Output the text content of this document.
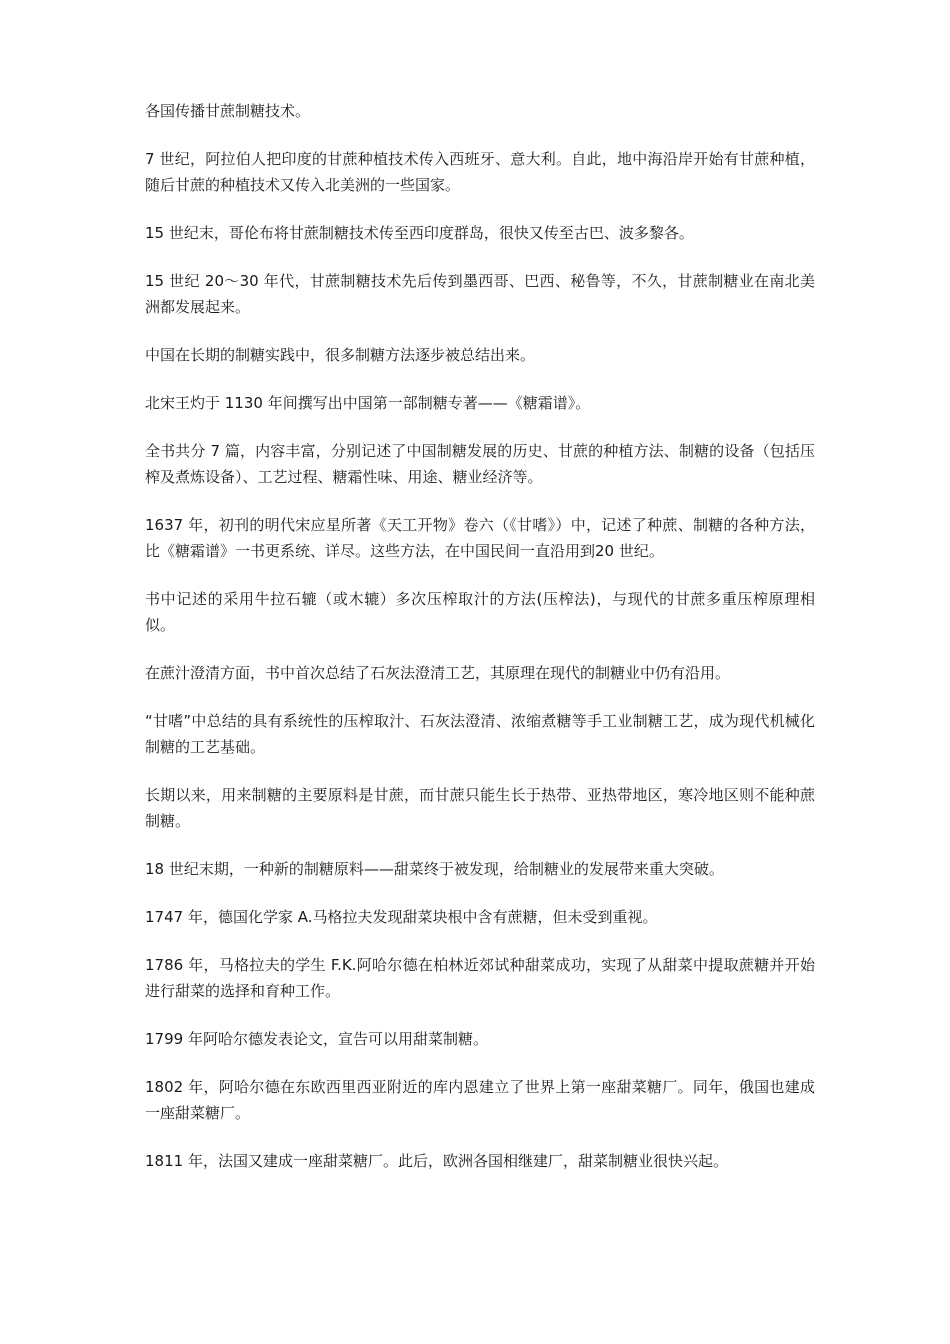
各国传播甘蔗制糖技术。

7 世纪，阿拉伯人把印度的甘蔗种植技术传入西班牙、意大利。自此，地中海沿岸开始有甘蔗种植，随后甘蔗的种植技术又传入北美洲的一些国家。

15 世纪末，哥伦布将甘蔗制糖技术传至西印度群岛，很快又传至古巴、波多黎各。

15 世纪 20～30 年代，甘蔗制糖技术先后传到墨西哥、巴西、秘鲁等，不久，甘蔗制糖业在南北美洲都发展起来。

中国在长期的制糖实践中，很多制糖方法逐步被总结出来。

北宋王灼于 1130 年间撰写出中国第一部制糖专著——《糖霜谱》。

全书共分 7 篇，内容丰富，分别记述了中国制糖发展的历史、甘蔗的种植方法、制糖的设备（包括压榨及煮炼设备）、工艺过程、糖霜性味、用途、糖业经济等。

1637 年，初刊的明代宋应星所著《天工开物》卷六（《甘嗜》）中，记述了种蔗、制糖的各种方法，比《糖霜谱》一书更系统、详尽。这些方法，在中国民间一直沿用到20 世纪。

书中记述的采用牛拉石辘（或木辘）多次压榨取汁的方法(压榨法)，与现代的甘蔗多重压榨原理相似。

在蔗汁澄清方面，书中首次总结了石灰法澄清工艺，其原理在现代的制糖业中仍有沿用。

“甘嗜”中总结的具有系统性的压榨取汁、石灰法澄清、浓缩煮糖等手工业制糖工艺，成为现代机械化制糖的工艺基础。

长期以来，用来制糖的主要原料是甘蔗，而甘蔗只能生长于热带、亚热带地区，寒冷地区则不能种蔗制糖。

18 世纪末期，一种新的制糖原料——甜菜终于被发现，给制糖业的发展带来重大突破。

1747 年，德国化学家 A.马格拉夫发现甜菜块根中含有蔗糖，但未受到重视。

1786 年，马格拉夫的学生 F.K.阿哈尔德在柏林近郊试种甜菜成功，实现了从甜菜中提取蔗糖并开始进行甜菜的选择和育种工作。

1799 年阿哈尔德发表论文，宣告可以用甜菜制糖。

1802 年，阿哈尔德在东欧西里西亚附近的库内恩建立了世界上第一座甜菜糖厂。同年，俄国也建成一座甜菜糖厂。

1811 年，法国又建成一座甜菜糖厂。此后，欧洲各国相继建厂，甜菜制糖业很快兴起。
